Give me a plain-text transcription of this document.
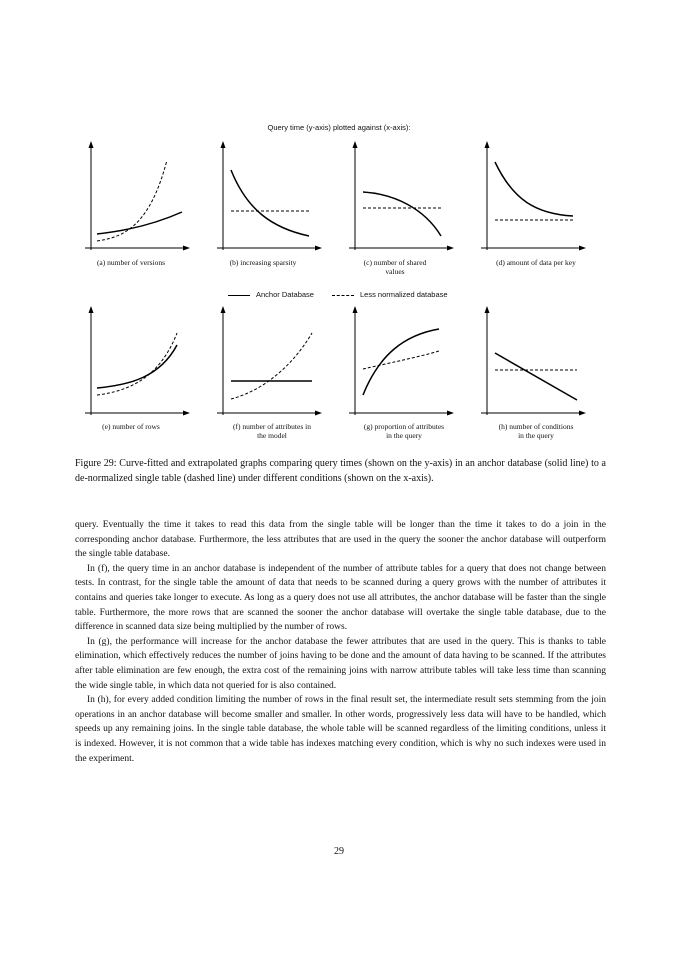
Query time (y-axis) plotted against (x-axis):
(a) number of versions	(b) increasing sparsity	(c) number of shared
values
(d) amount of data per key
Anchor Database	Less normalized database
(e) number of rows	(f) number of attributes in
the model
(g) proportion of attributes
in the query
(h) number of conditions
in the query
Figure 29: Curve-fitted and extrapolated graphs comparing query times (shown on the y-axis) in an anchor database (solid line) to a de-normalized single table (dashed line) under different conditions (shown on the x-axis).

query. Eventually the time it takes to read this data from the single table will be longer than the time it takes to do a join in the corresponding anchor database. Furthermore, the less attributes that are used in the query the sooner the anchor database will outperform the single table database.

In (f), the query time in an anchor database is independent of the number of attribute tables for a query that does not change between tests. In contrast, for the single table the amount of data that needs to be scanned during a query grows with the number of attributes it contains and queries take longer to execute. As long as a query does not use all attributes, the anchor database will be faster than the single table. Furthermore, the more rows that are scanned the sooner the anchor database will overtake the single table database, due to the difference in scanned data size being multiplied by the number of rows.

In (g), the performance will increase for the anchor database the fewer attributes that are used in the query. This is thanks to table elimination, which effectively reduces the number of joins having to be done and the amount of data having to be scanned. If the attributes after table elimination are few enough, the extra cost of the remaining joins with narrow attribute tables will take less time than scanning the wide single table, in which data not queried for is also contained.

In (h), for every added condition limiting the number of rows in the final result set, the intermediate result sets stemming from the join operations in an anchor database will become smaller and smaller. In other words, progressively less data will have to be handled, which speeds up any remaining joins. In the single table database, the whole table will be scanned regardless of the limiting conditions, unless it is indexed. However, it is not common that a wide table has indexes matching every condition, which is why no such indexes were used in the experiment.

29
